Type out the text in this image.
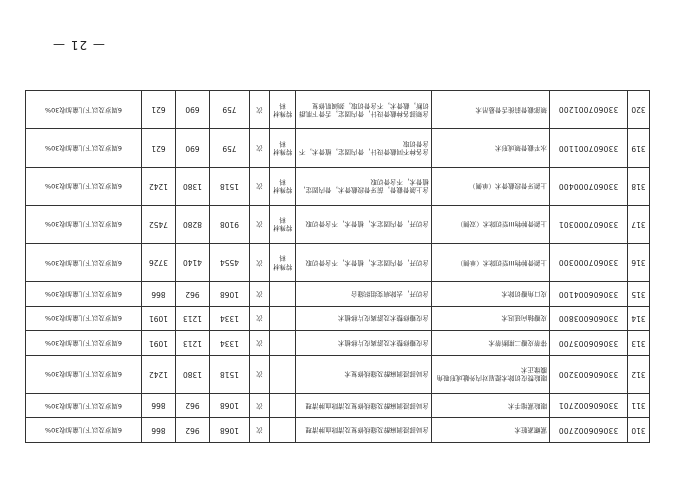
— 21 —
310	330606002700	紧螺紊脏术	含局部浸润麻醉及缝线修复及清除血肿清理		次	1068	962	866	6周岁及以下儿童加收30%
311	330606002701	眼睑紧缩手术	含局部浸润麻醉及缝线修复及清除血肿清理		次	1068	962	866	6周岁及以下儿童加收30%
312	330606003200	眼睑赘皮切除术提眉对内外眦成形吸角膜缘正术	含局部浸润麻醉及缝线修复术		次	1518	1380	1242	6周岁及以下儿童加收30%
313	330606003700	带蒂皮瓣二期断蒂术	含皮瓣修整术及游离皮片移植术		次	1334	1213	1091	6周岁及以下儿童加收30%
314	330606003800	皮瓣轴向延迟术	含皮瓣修整术及游离皮片移植术		次	1334	1213	1091	6周岁及以下儿童加收30%
315	330606004100	皮口角瓣切除术	含切开，去除病变组织缝合		次	1068	962	866	6周岁及以下儿童加收30%
316	330607000300	上颌骨肿物III型切除术（单侧）	含切开，骨内固定术，植骨术，不含骨切取	特殊材料	次	4554	4140	3726	6周岁及以下儿童加收30%
317	330607000301	上颌骨肿物III型切除术（双侧）	含切开，骨内固定术，植骨术，不含骨切取	特殊材料	次	9108	8280	7452	6周岁及以下儿童加收30%
318	330607000400	上颌牙骨段截骨术（单侧）	含上颌骨截骨，前牙骨段截骨术，骨内固定，植骨术，不含骨切取	特殊材料	次	1518	1380	1242	6周岁及以下儿童加收30%
319	330607001100	水平截骨颏成形术	含各种不同截骨设计，骨内固定，植骨术，不含骨切取	特殊材料	次	759	690	621	6周岁及以下儿童加收30%
320	330607001200	颏部截骨前徙舌骨悬吊术	含颏部各种截骨设计，骨内固定，舌骨下肌群切断，截骨术，不含骨切取，颈阔肌修复	特殊材料	次	759	690	621	6周岁及以下儿童加收30%
